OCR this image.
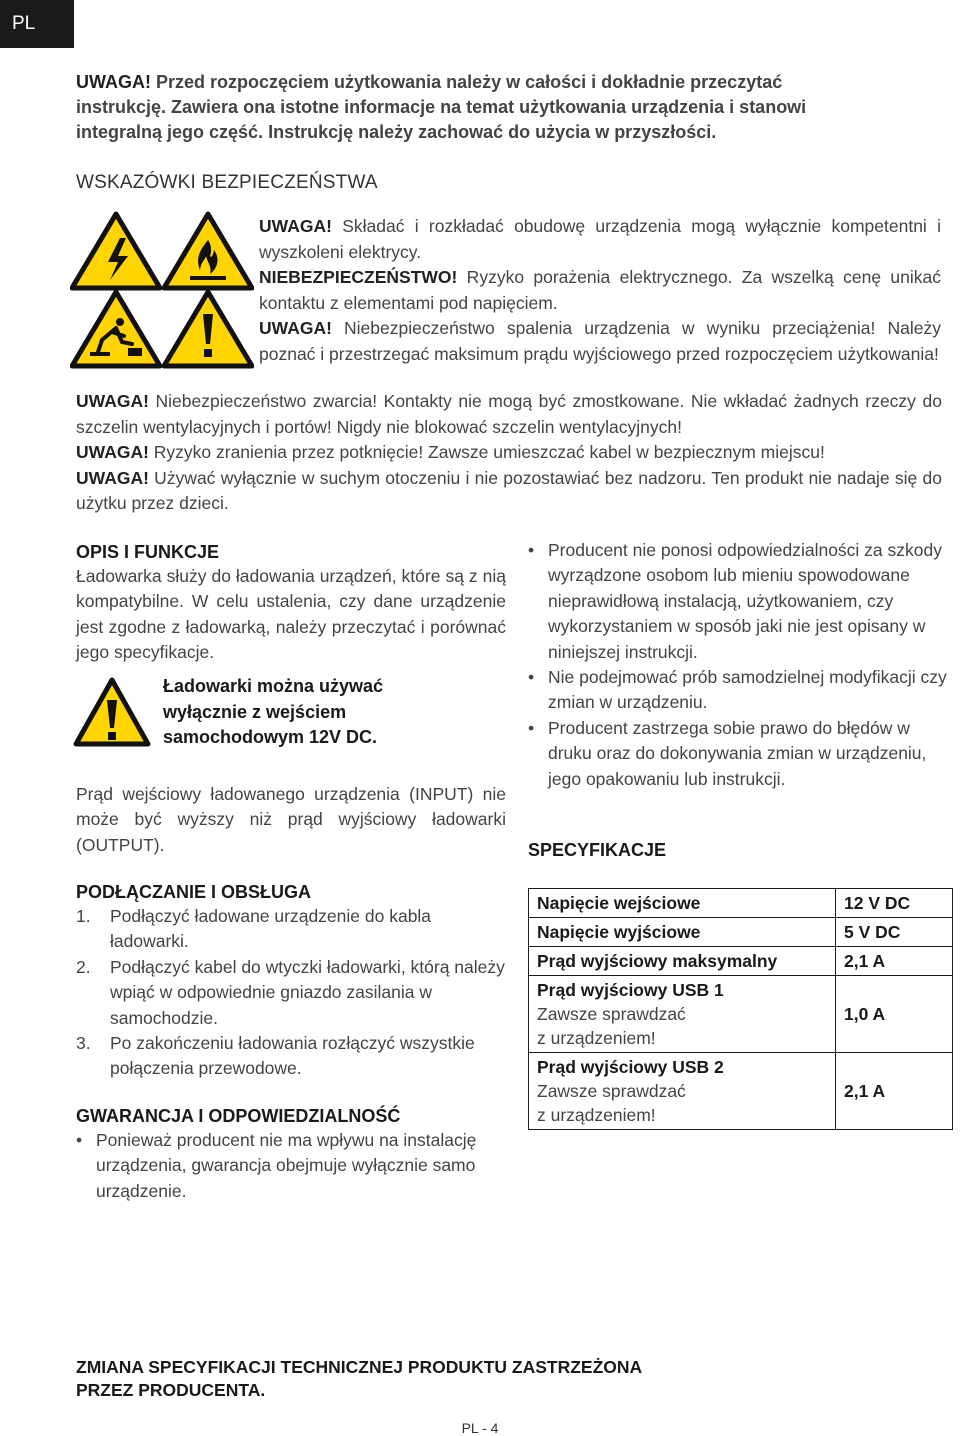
PL
UWAGA! Przed rozpoczęciem użytkowania należy w całości i dokładnie przeczytać
instrukcję. Zawiera ona istotne informacje na temat użytkowania urządzenia i stanowi
integralną jego część. Instrukcję należy zachować do użycia w przyszłości.
WSKAZÓWKI BEZPIECZEŃSTWA
UWAGA! Składać i rozkładać obudowę urządzenia mogą wyłącznie kompetentni i wyszkoleni elektrycy.
NIEBEZPIECZEŃSTWO! Ryzyko porażenia elektrycznego. Za wszelką cenę unikać kontaktu z elementami pod napięciem.
UWAGA! Niebezpieczeństwo spalenia urządzenia w wyniku przeciążenia! Należy poznać i przestrzegać maksimum prądu wyjściowego przed rozpoczęciem użytkowania!
UWAGA! Niebezpieczeństwo zwarcia! Kontakty nie mogą być zmostkowane. Nie wkładać żadnych rzeczy do szczelin wentylacyjnych i portów! Nigdy nie blokować szczelin wentylacyjnych!
UWAGA! Ryzyko zranienia przez potknięcie! Zawsze umieszczać kabel w bezpiecznym miejscu!
UWAGA! Używać wyłącznie w suchym otoczeniu i nie pozostawiać bez nadzoru. Ten produkt nie nadaje się do użytku przez dzieci.
OPIS I FUNKCJE
Ładowarka służy do ładowania urządzeń, które są z nią kompatybilne. W celu ustalenia, czy dane urządzenie jest zgodne z ładowarką, należy przeczytać i porównać jego specyfikacje.
Ładowarki można używać wyłącznie z wejściem samochodowym 12V DC.
Prąd wejściowy ładowanego urządzenia (INPUT) nie może być wyższy niż prąd wyjściowy ładowarki (OUTPUT).
PODŁĄCZANIE I OBSŁUGA
1. Podłączyć ładowane urządzenie do kabla ładowarki.
2. Podłączyć kabel do wtyczki ładowarki, którą należy wpiąć w odpowiednie gniazdo zasilania w samochodzie.
3. Po zakończeniu ładowania rozłączyć wszystkie połączenia przewodowe.
GWARANCJA I ODPOWIEDZIALNOŚĆ
• Ponieważ producent nie ma wpływu na instalację urządzenia, gwarancja obejmuje wyłącznie samo urządzenie.
• Producent nie ponosi odpowiedzialności za szkody wyrządzone osobom lub mieniu spowodowane nieprawidłową instalacją, użytkowaniem, czy wykorzystaniem w sposób jaki nie jest opisany w niniejszej instrukcji.
• Nie podejmować prób samodzielnej modyfikacji czy zmian w urządzeniu.
• Producent zastrzega sobie prawo do błędów w druku oraz do dokonywania zmian w urządzeniu, jego opakowaniu lub instrukcji.
SPECYFIKACJE
Napięcie wejściowe	12 V DC
Napięcie wyjściowe	5 V DC
Prąd wyjściowy maksymalny	2,1 A

Prąd wyjściowy USB 1
Zawsze sprawdzać
z urządzeniem!	1,0 A

Prąd wyjściowy USB 2
Zawsze sprawdzać
z urządzeniem!	2,1 A
ZMIANA SPECYFIKACJI TECHNICZNEJ PRODUKTU ZASTRZEŻONA
PRZEZ PRODUCENTA.
PL - 4
